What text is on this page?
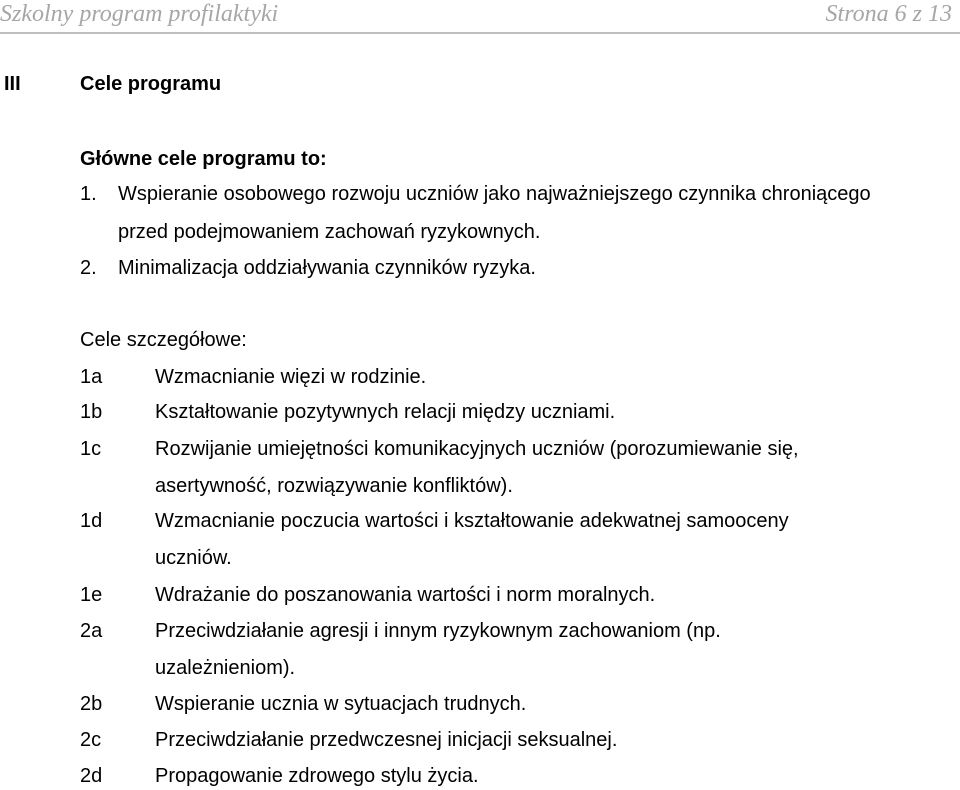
Szkolny program profilaktyki	Strona 6 z 13
III	Cele programu
Główne cele programu to:
1. Wspieranie osobowego rozwoju uczniów jako najważniejszego czynnika chroniącego
przed podejmowaniem zachowań ryzykownych.
2. Minimalizacja oddziaływania czynników ryzyka.
Cele szczegółowe:
1a	Wzmacnianie więzi w rodzinie.
1b	Kształtowanie pozytywnych relacji między uczniami.
1c	Rozwijanie umiejętności komunikacyjnych uczniów (porozumiewanie się,
asertywność, rozwiązywanie konfliktów).
1d	Wzmacnianie poczucia wartości i kształtowanie adekwatnej samooceny
uczniów.
1e	Wdrażanie do poszanowania wartości i norm moralnych.
2a	Przeciwdziałanie agresji i innym ryzykownym zachowaniom (np.
uzależnieniom).
2b	Wspieranie ucznia w sytuacjach trudnych.
2c	Przeciwdziałanie przedwczesnej inicjacji seksualnej.
2d	Propagowanie zdrowego stylu życia.
